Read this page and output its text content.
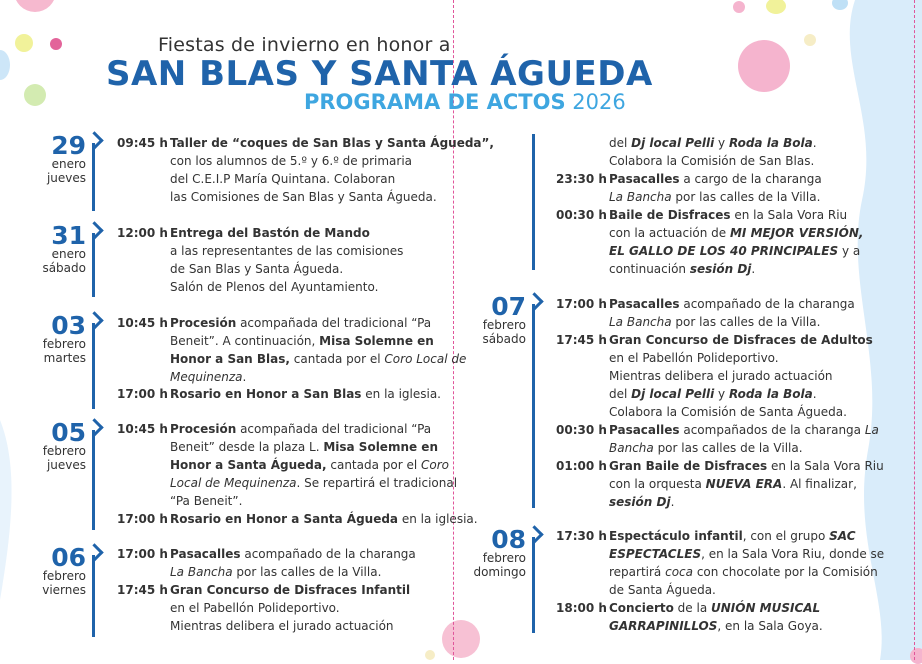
Fiestas de invierno en honor a
SAN BLAS Y SANTA ÁGUEDA
PROGRAMA DE ACTOS 2026
29
enero
jueves
09:45 h Taller de “coques de San Blas y Santa Águeda”,
con los alumnos de 5.º y 6.º de primaria
del C.E.I.P María Quintana. Colaboran
las Comisiones de San Blas y Santa Águeda.
31
enero
sábado
12:00 h Entrega del Bastón de Mando
a las representantes de las comisiones
de San Blas y Santa Águeda.
Salón de Plenos del Ayuntamiento.
03
febrero
martes
10:45 h Procesión acompañada del tradicional “Pa
Beneit”. A continuación, Misa Solemne en
Honor a San Blas, cantada por el Coro Local de
Mequinenza.
17:00 h Rosario en Honor a San Blas en la iglesia.
05
febrero
jueves
10:45 h Procesión acompañada del tradicional “Pa
Beneit” desde la plaza L. Misa Solemne en
Honor a Santa Águeda, cantada por el Coro
Local de Mequinenza. Se repartirá el tradicional
“Pa Beneit”.
17:00 h Rosario en Honor a Santa Águeda en la iglesia.
06
febrero
viernes
17:00 h Pasacalles acompañado de la charanga
La Bancha por las calles de la Villa.
17:45 h Gran Concurso de Disfraces Infantil
en el Pabellón Polideportivo.
Mientras delibera el jurado actuación
del Dj local Pelli y Roda la Bola.
Colabora la Comisión de San Blas.
23:30 h Pasacalles a cargo de la charanga
La Bancha por las calles de la Villa.
00:30 h Baile de Disfraces en la Sala Vora Riu
con la actuación de MI MEJOR VERSIÓN,
EL GALLO DE LOS 40 PRINCIPALES y a
continuación sesión Dj.
07
febrero
sábado
17:00 h Pasacalles acompañado de la charanga
La Bancha por las calles de la Villa.
17:45 h Gran Concurso de Disfraces de Adultos
en el Pabellón Polideportivo.
Mientras delibera el jurado actuación
del Dj local Pelli y Roda la Bola.
Colabora la Comisión de Santa Águeda.
00:30 h Pasacalles acompañados de la charanga La
Bancha por las calles de la Villa.
01:00 h Gran Baile de Disfraces en la Sala Vora Riu
con la orquesta NUEVA ERA. Al finalizar,
sesión Dj.
08
febrero
domingo
17:30 h Espectáculo infantil, con el grupo SAC
ESPECTACLES, en la Sala Vora Riu, donde se
repartirá coca con chocolate por la Comisión
de Santa Águeda.
18:00 h Concierto de la UNIÓN MUSICAL
GARRAPINILLOS, en la Sala Goya.
